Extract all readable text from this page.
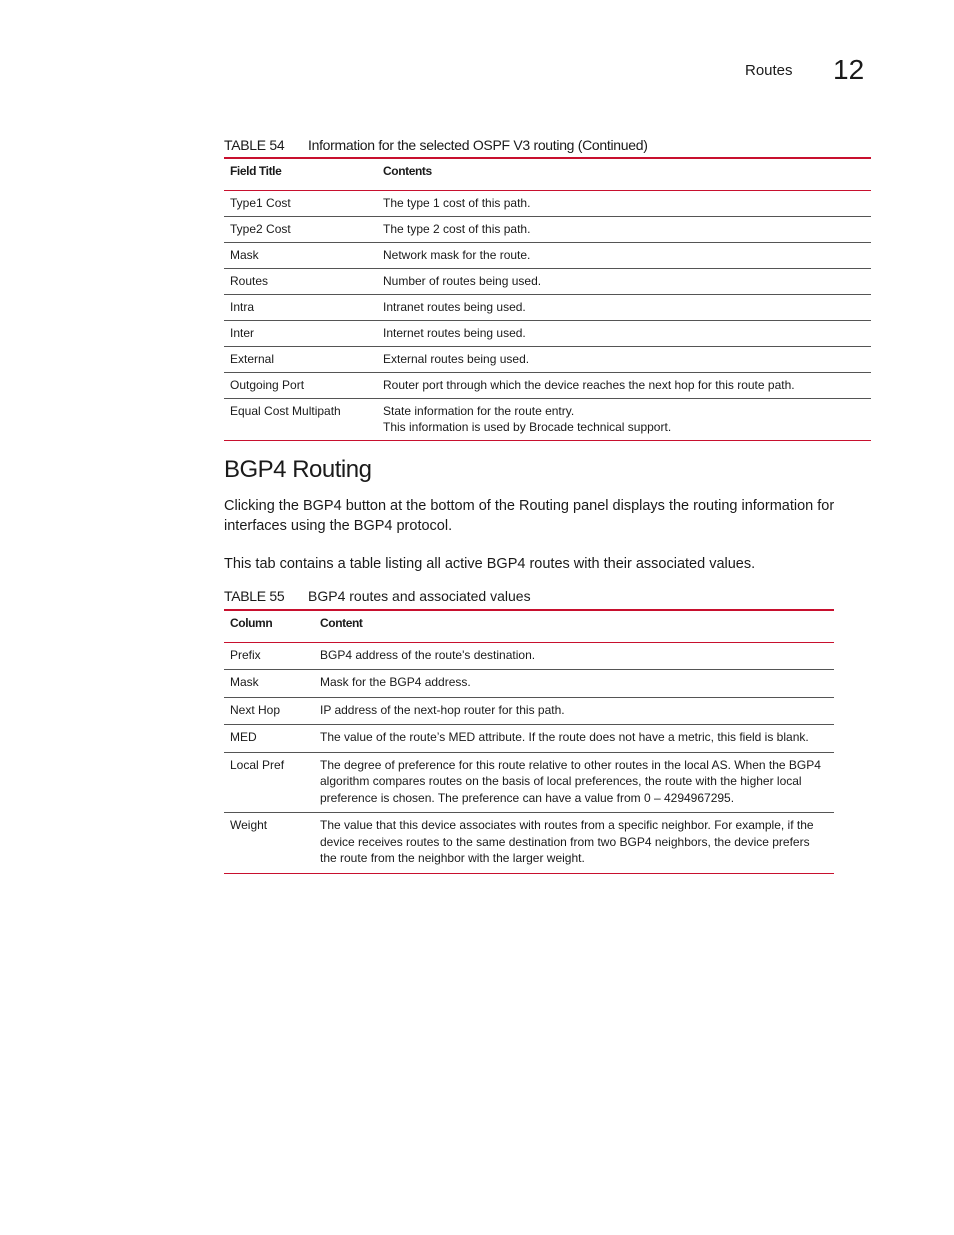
Routes 12
TABLE 54	Information for the selected OSPF V3 routing (Continued)
Field Title	Contents
Type1 Cost	The type 1 cost of this path.
Type2 Cost	The type 2 cost of this path.
Mask	Network mask for the route.
Routes	Number of routes being used.
Intra	Intranet routes being used.
Inter	Internet routes being used.
External	External routes being used.
Outgoing Port	Router port through which the device reaches the next hop for this route path.
Equal Cost Multipath	State information for the route entry.
This information is used by Brocade technical support.
BGP4 Routing

Clicking the BGP4 button at the bottom of the Routing panel displays the routing information for interfaces using the BGP4 protocol.

This tab contains a table listing all active BGP4 routes with their associated values.

TABLE 55	BGP4 routes and associated values
Column	Content
Prefix	BGP4 address of the route's destination.
Mask	Mask for the BGP4 address.
Next Hop	IP address of the next-hop router for this path.
MED	The value of the route’s MED attribute. If the route does not have a metric, this field is blank.
Local Pref	The degree of preference for this route relative to other routes in the local AS. When the BGP4 algorithm compares routes on the basis of local preferences, the route with the higher local preference is chosen. The preference can have a value from 0 – 4294967295.
Weight	The value that this device associates with routes from a specific neighbor. For example, if the device receives routes to the same destination from two BGP4 neighbors, the device prefers the route from the neighbor with the larger weight.
